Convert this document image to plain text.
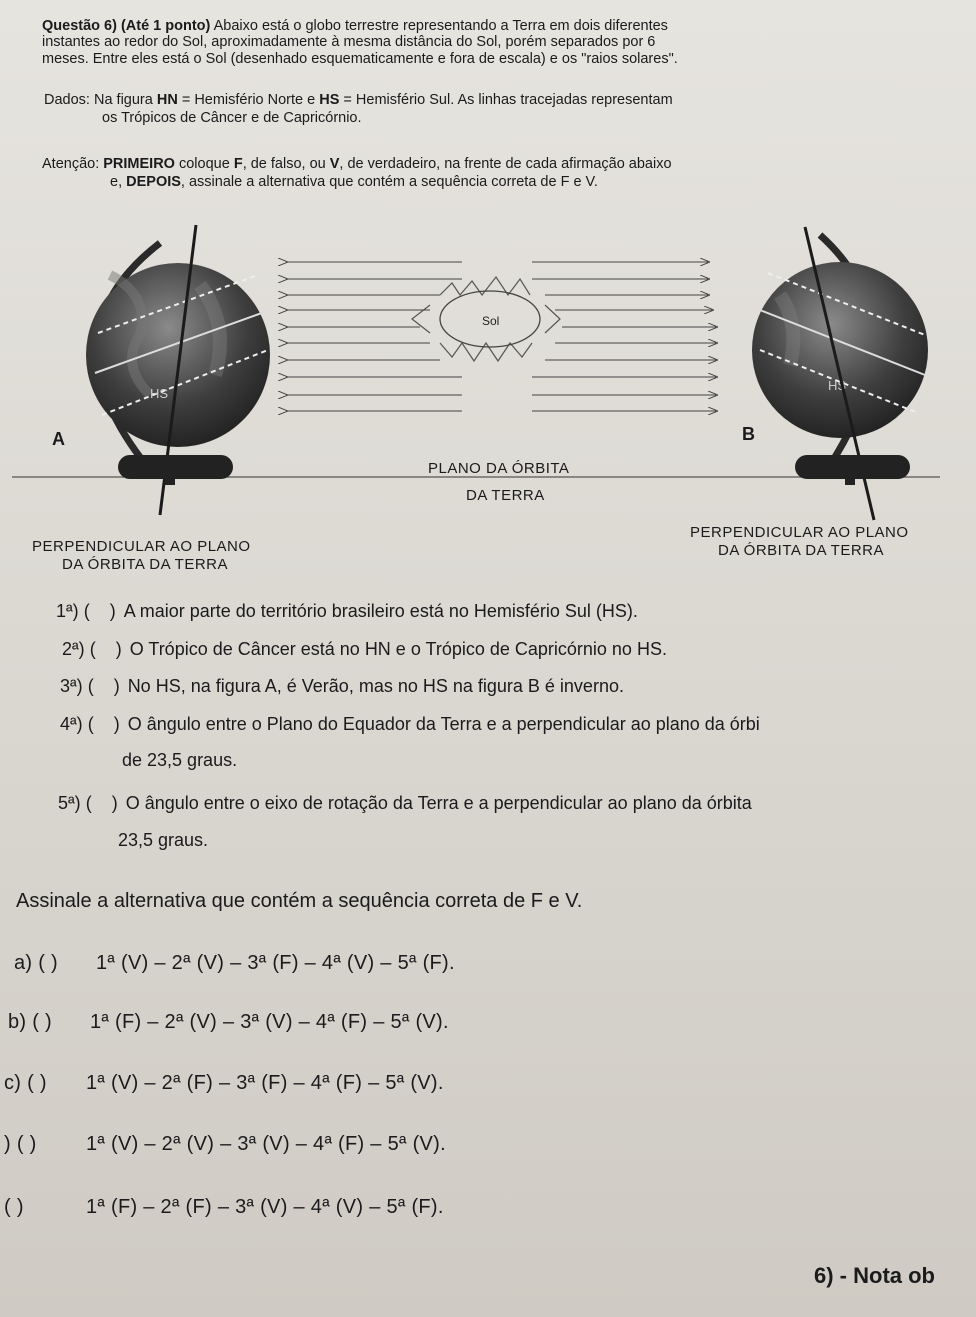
Questão 6) (Até 1 ponto) Abaixo está o globo terrestre representando a Terra em dois diferentes
instantes ao redor do Sol, aproximadamente à mesma distância do Sol, porém separados por 6
meses. Entre eles está o Sol (desenhado esquematicamente e fora de escala) e os "raios solares".
Dados: Na figura HN = Hemisfério Norte e HS = Hemisfério Sul. As linhas tracejadas representam
os Trópicos de Câncer e de Capricórnio.
Atenção: PRIMEIRO coloque F, de falso, ou V, de verdadeiro, na frente de cada afirmação abaixo
e, DEPOIS, assinale a alternativa que contém a sequência correta de F e V.
HS
A
HS
B
Sol
PLANO DA ÓRBITA
DA TERRA
PERPENDICULAR AO PLANO
DA ÓRBITA DA TERRA
PERPENDICULAR AO PLANO
DA ÓRBITA DA TERRA
1ª) ( ) A maior parte do território brasileiro está no Hemisfério Sul (HS).
2ª) ( ) O Trópico de Câncer está no HN e o Trópico de Capricórnio no HS.
3ª) ( ) No HS, na figura A, é Verão, mas no HS na figura B é inverno.
4ª) ( ) O ângulo entre o Plano do Equador da Terra e a perpendicular ao plano da órbi
de 23,5 graus.
5ª) ( ) O ângulo entre o eixo de rotação da Terra e a perpendicular ao plano da órbita
23,5 graus.
Assinale a alternativa que contém a sequência correta de F e V.
a) ( ) 1ª (V) – 2ª (V) – 3ª (F) – 4ª (V) – 5ª (F).
b) ( ) 1ª (F) – 2ª (V) – 3ª (V) – 4ª (F) – 5ª (V).
c) ( ) 1ª (V) – 2ª (F) – 3ª (F) – 4ª (F) – 5ª (V).
) ( ) 1ª (V) – 2ª (V) – 3ª (V) – 4ª (F) – 5ª (V).
( )	1ª (F) – 2ª (F) – 3ª (V) – 4ª (V) – 5ª (F).
6) - Nota ob
